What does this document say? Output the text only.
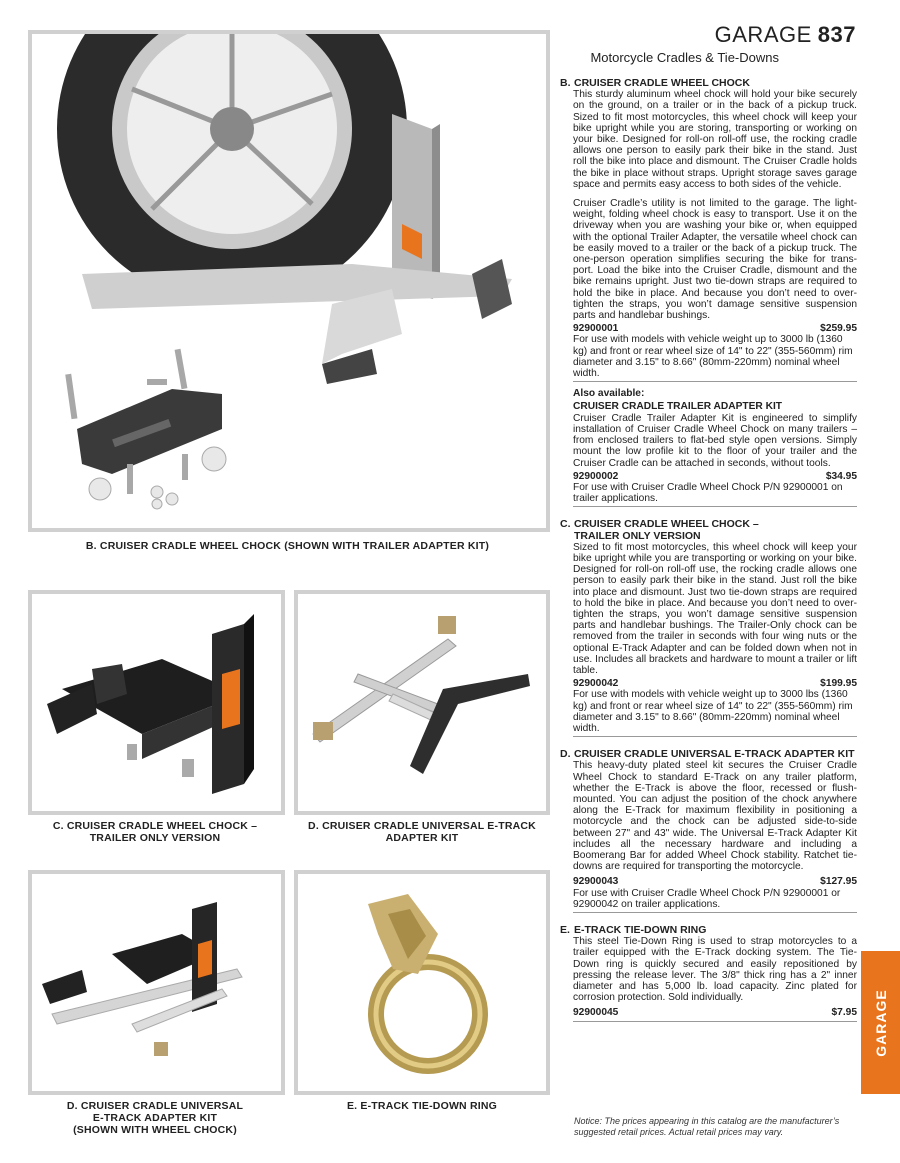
GARAGE 837
Motorcycle Cradles & Tie-Downs
B. CRUISER CRADLE WHEEL CHOCK (SHOWN WITH TRAILER ADAPTER KIT)
C. CRUISER CRADLE WHEEL CHOCK –
TRAILER ONLY VERSION
D. CRUISER CRADLE UNIVERSAL E-TRACK
ADAPTER KIT
D. CRUISER CRADLE UNIVERSAL
E-TRACK ADAPTER KIT
(SHOWN WITH WHEEL CHOCK)
E. E-TRACK TIE-DOWN RING
B. CRUISER CRADLE WHEEL CHOCK

This sturdy aluminum wheel chock will hold your bike securely on the ground, on a trailer or in the back of a pickup truck. Sized to fit most motorcycles, this wheel chock will keep your bike upright while you are storing, transporting or working on your bike. Designed for roll-on roll-off use, the rocking cradle allows one person to easily park their bike in the stand. Just roll the bike into place and dismount. The Cruiser Cradle holds the bike in place without straps. Upright storage saves garage space and permits easy access to both sides of the vehicle.

Cruiser Cradle’s utility is not limited to the garage. The light-weight, folding wheel chock is easy to transport. Use it on the driveway when you are washing your bike or, when equipped with the optional Trailer Adapter, the versatile wheel chock can be easily moved to a trailer or the back of a pickup truck. The one-person operation simplifies securing the bike for trans-port. Load the bike into the Cruiser Cradle, dismount and the bike remains upright. Just two tie-down straps are required to hold the bike in place. And because you don’t need to over-tighten the straps, you won’t damage sensitive suspension parts and handlebar bushings.

92900001	$259.95
For use with models with vehicle weight up to 3000 lb (1360 kg) and front or rear wheel size of 14" to 22" (355-560mm) rim diameter and 3.15" to 8.66" (80mm-220mm) nominal wheel width.
Also available:
CRUISER CRADLE TRAILER ADAPTER KIT

Cruiser Cradle Trailer Adapter Kit is engineered to simplify installation of Cruiser Cradle Wheel Chock on many trailers – from enclosed trailers to flat-bed style open versions. Simply mount the low profile kit to the floor of your trailer and the Cruiser Cradle can be attached in seconds, without tools.

92900002	$34.95
For use with Cruiser Cradle Wheel Chock P/N 92900001 on trailer applications.
C. CRUISER CRADLE WHEEL CHOCK –
TRAILER ONLY VERSION

Sized to fit most motorcycles, this wheel chock will keep your bike upright while you are transporting or working on your bike. Designed for roll-on roll-off use, the rocking cradle allows one person to easily park their bike in the stand. Just roll the bike into place and dismount. Just two tie-down straps are required to hold the bike in place. And because you don’t need to over-tighten the straps, you won’t damage sensitive suspension parts and handlebar bushings. The Trailer-Only chock can be removed from the trailer in seconds with four wing nuts or the optional E-Track Adapter and can be folded down when not in use. Includes all brackets and hardware to mount a trailer or lift table.

92900042	$199.95
For use with models with vehicle weight up to 3000 lbs (1360 kg) and front or rear wheel size of 14" to 22" (355-560mm) rim diameter and 3.15" to 8.66" (80mm-220mm) nominal wheel width.
D. CRUISER CRADLE UNIVERSAL E-TRACK ADAPTER KIT

This heavy-duty plated steel kit secures the Cruiser Cradle Wheel Chock to standard E-Track on any trailer platform, whether the E-Track is above the floor, recessed or flush-mounted. You can adjust the position of the chock anywhere along the E-Track for maximum flexibility in positioning a motorcycle and the chock can be adjusted side-to-side between 27" and 43" wide. The Universal E-Track Adapter Kit includes all the necessary hardware and including a Boomerang Bar for added Wheel Chock stability. Ratchet tie-downs are required for transporting the motorcycle.

92900043	$127.95
For use with Cruiser Cradle Wheel Chock P/N 92900001 or 92900042 on trailer applications.
E. E-TRACK TIE-DOWN RING

This steel Tie-Down Ring is used to strap motorcycles to a trailer equipped with the E-Track docking system. The Tie-Down ring is quickly secured and easily repositioned by pressing the release lever. The 3/8" thick ring has a 2" inner diameter and has 5,000 lb. load capacity. Zinc plated for corrosion protection. Sold individually.

92900045	$7.95 GARAGE
Notice: The prices appearing in this catalog are the manufacturer’s suggested retail prices. Actual retail prices may vary.
